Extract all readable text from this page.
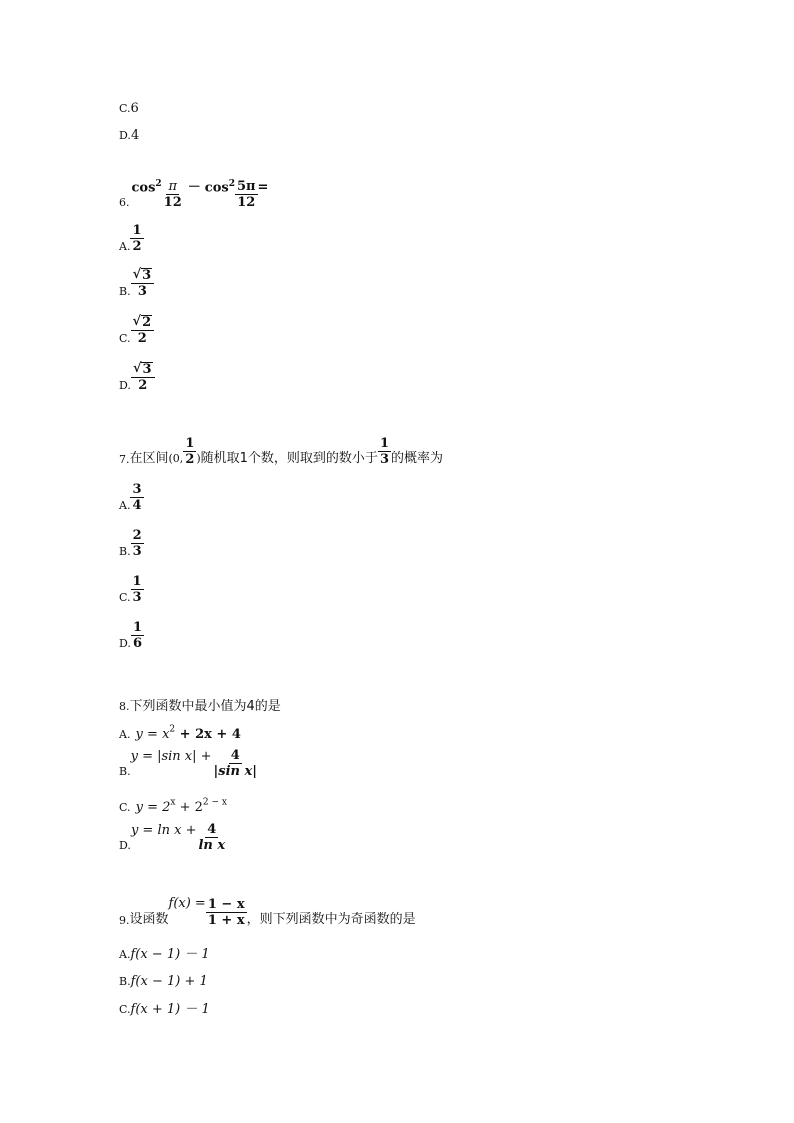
C.6
D.4
6.
$\cos^2 \frac{\pi}{12} - \cos^2 \frac{5\pi}{12}$ =
A. $\frac{1}{2}$
B. $\frac{√ 3}{3}$
C. $\frac{√ 2}{2}$
D. $\frac{√ 3}{2}$
7. 在区间 (0, $\frac{1}{2}$ ) 随机取1个数，则取到的数小于 $\frac{1}{3}$ 的概率为
A. $\frac{3}{4}$
B. $\frac{2}{3}$
C. $\frac{1}{3}$
D. $\frac{1}{6}$
8.下列函数中最小值为4的是
A. $y = x^2 + 2x + 4$
B.
y = |sin $x| + \frac{4}{\text{|sin x|}}$
C. $y = 2^x + 2^{2 - x}$
D.
$y = \ln x + \frac{4}{\text{ln x}}$
9. 设函数
$f(x) = \frac{1 - x}{1 + x}$ ，则下列函数中为奇函数的是
A.f(x − 1) － 1
B.f(x − 1) + 1
C.f(x + 1) － 1
